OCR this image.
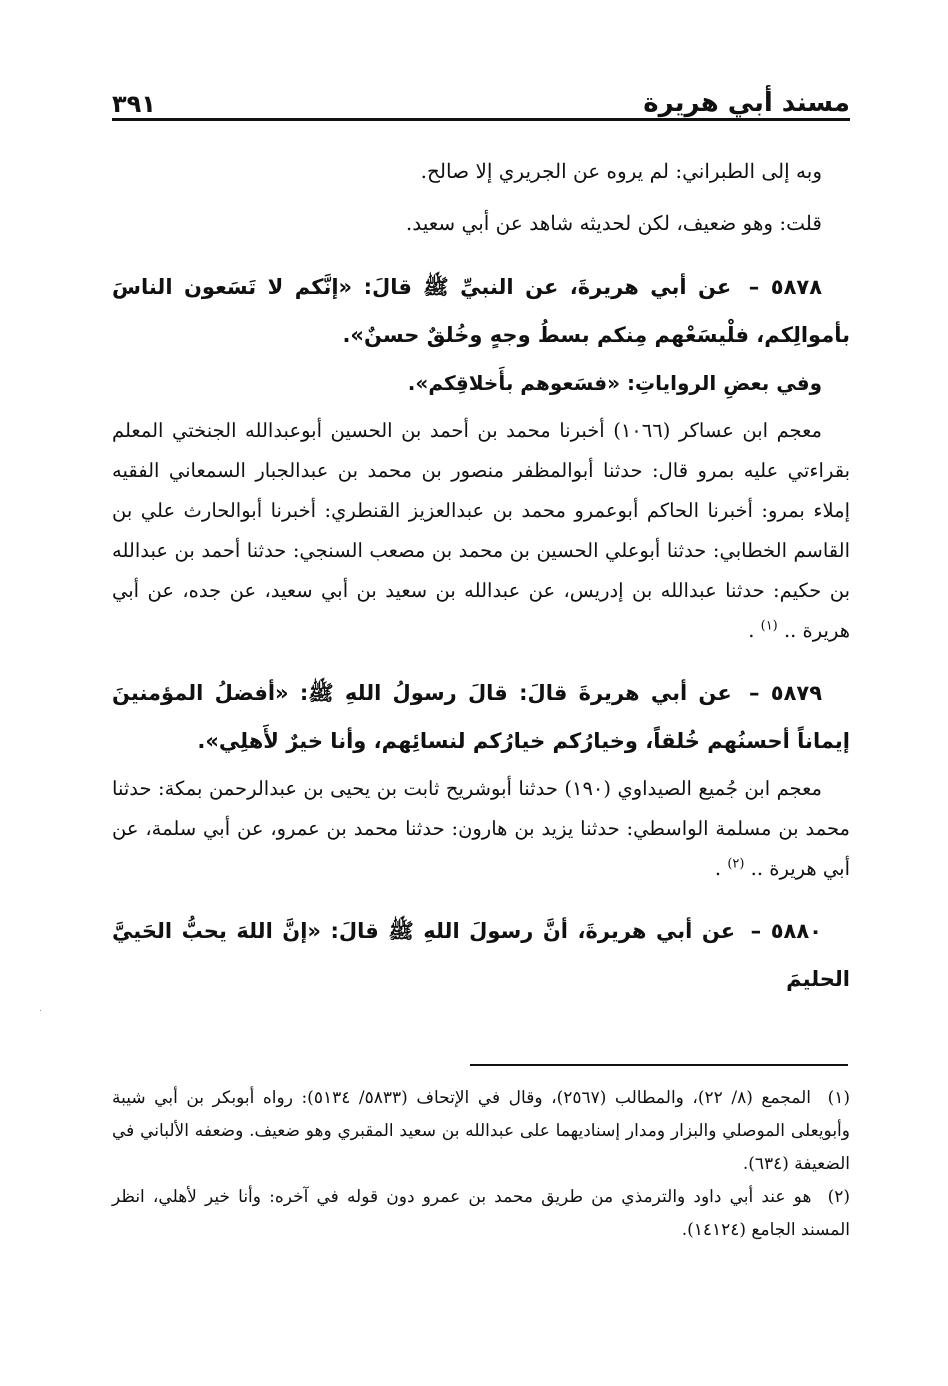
مسند أبي هريرة
٣٩١

وبه إلى الطبراني: لم يروه عن الجريري إلا صالح.

قلت: وهو ضعيف، لكن لحديثه شاهد عن أبي سعيد.

٥٨٧٨ – عن أبي هريرةَ، عن النبيِّ ﷺ قالَ: «إنَّكم لا تَسَعون الناسَ بأموالِكم، فلْيسَعْهم مِنكم بسطُ وجهٍ وخُلقٌ حسنٌ».

وفي بعضِ الرواياتِ: «فسَعوهم بأَخلاقِكم».

معجم ابن عساكر (١٠٦٦) أخبرنا محمد بن أحمد بن الحسين أبوعبدالله الجنختي المعلم بقراءتي عليه بمرو قال: حدثنا أبوالمظفر منصور بن محمد بن عبدالجبار السمعاني الفقيه إملاء بمرو: أخبرنا الحاكم أبوعمرو محمد بن عبدالعزيز القنطري: أخبرنا أبوالحارث علي بن القاسم الخطابي: حدثنا أبوعلي الحسين بن محمد بن مصعب السنجي: حدثنا أحمد بن عبدالله بن حكيم: حدثنا عبدالله بن إدريس، عن عبدالله بن سعيد بن أبي سعيد، عن جده، عن أبي هريرة .. $^{(١)}$ .

٥٨٧٩ – عن أبي هريرةَ قالَ: قالَ رسولُ اللهِ ﷺ: «أفضلُ المؤمنينَ إيماناً أحسنُهم خُلقاً، وخيارُكم خيارُكم لنسائِهم، وأنا خيرٌ لأَهلِي».

معجم ابن جُميع الصيداوي (١٩٠) حدثنا أبوشريح ثابت بن يحيى بن عبدالرحمن بمكة: حدثنا محمد بن مسلمة الواسطي: حدثنا يزيد بن هارون: حدثنا محمد بن عمرو، عن أبي سلمة، عن أبي هريرة .. $^{(٢)}$ .

٥٨٨٠ – عن أبي هريرةَ، أنَّ رسولَ اللهِ ﷺ قالَ: «إنَّ اللهَ يحبُّ الحَييَّ الحليمَ

(١) المجمع (٨/ ٢٢)، والمطالب (٢٥٦٧)، وقال في الإتحاف (٥٨٣٣/ ٥١٣٤): رواه أبوبكر بن أبي شيبة وأبويعلى الموصلي والبزار ومدار إسناديهما على عبدالله بن سعيد المقبري وهو ضعيف. وضعفه الألباني في الضعيفة (٦٣٤).

(٢) هو عند أبي داود والترمذي من طريق محمد بن عمرو دون قوله في آخره: وأنا خير لأهلي، انظر المسند الجامع (١٤١٢٤).
